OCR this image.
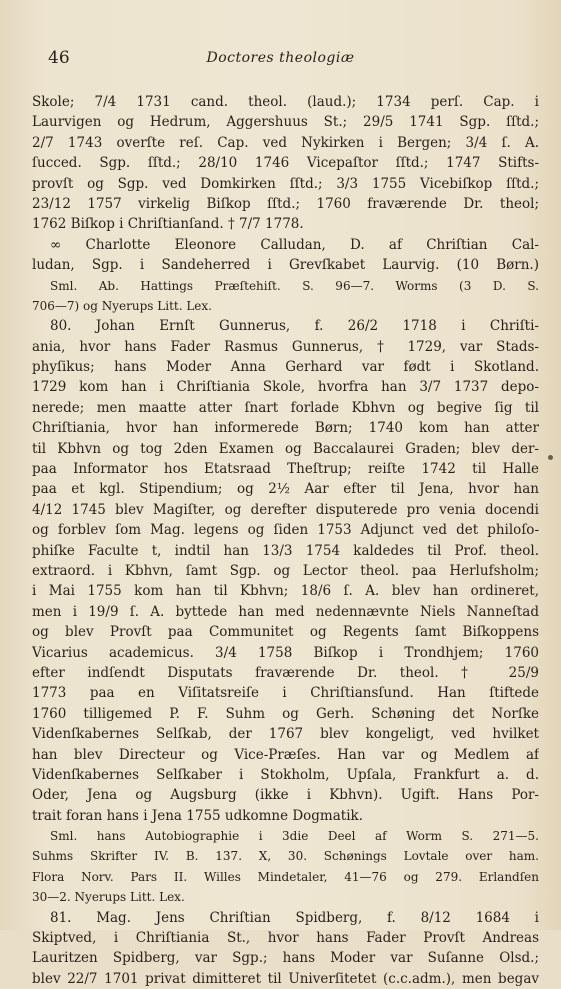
46	Doctores theologiæ
Skole; 7/4 1731 cand. theol. (laud.); 1734 perſ. Cap. i
Laurvigen og Hedrum, Aggershuus St.; 29/5 1741 Sgp. ſſtd.;
2/7 1743 overſte reſ. Cap. ved Nykirken i Bergen; 3/4 ſ. A.
ſucced. Sgp. ſſtd.; 28/10 1746 Vicepaſtor ſſtd.; 1747 Stifts-
provſt og Sgp. ved Domkirken ſſtd.; 3/3 1755 Vicebiſkop ſſtd.;
23/12 1757 virkelig Biſkop ſſtd.; 1760 fraværende Dr. theol;
1762 Biſkop i Chriſtianſand. † 7/7 1778.
∞ Charlotte Eleonore Calludan, D. af Chriſtian Cal-
ludan, Sgp. i Sandeherred i Grevſkabet Laurvig. (10 Børn.)
Sml. Ab. Hattings Præſtehiſt. S. 96—7. Worms (3 D. S.
706—7) og Nyerups Litt. Lex.
80. Johan Ernſt Gunnerus, f. 26/2 1718 i Chriſti-
ania, hvor hans Fader Rasmus Gunnerus, † 1729, var Stads-
phyſikus; hans Moder Anna Gerhard var født i Skotland.
1729 kom han i Chriſtiania Skole, hvorfra han 3/7 1737 depo-
nerede; men maatte atter ſnart forlade Kbhvn og begive ſig til
Chriſtiania, hvor han informerede Børn; 1740 kom han atter
til Kbhvn og tog 2den Examen og Baccalaurei Graden; blev der-
paa Informator hos Etatsraad Theſtrup; reiſte 1742 til Halle
paa et kgl. Stipendium; og 2½ Aar efter til Jena, hvor han
4/12 1745 blev Magiſter, og derefter disputerede pro venia docendi
og forblev ſom Mag. legens og ſiden 1753 Adjunct ved det philoſo-
phiſke Faculte t, indtil han 13/3 1754 kaldedes til Prof. theol.
extraord. i Kbhvn, ſamt Sgp. og Lector theol. paa Herlufsholm;
i Mai 1755 kom han til Kbhvn; 18/6 ſ. A. blev han ordineret,
men i 19/9 ſ. A. byttede han med nedennævnte Niels Nanneſtad
og blev Provſt paa Communitet og Regents ſamt Biſkoppens
Vicarius academicus. 3/4 1758 Biſkop i Trondhjem; 1760
efter indſendt Disputats fraværende Dr. theol. † 25/9
1773 paa en Viſitatsreiſe i Chriſtiansſund. Han ſtiftede
1760 tilligemed P. F. Suhm og Gerh. Schøning det Norſke
Videnſkabernes Selſkab, der 1767 blev kongeligt, ved hvilket
han blev Directeur og Vice-Præſes. Han var og Medlem af
Videnſkabernes Selſkaber i Stokholm, Upſala, Frankfurt a. d.
Oder, Jena og Augsburg (ikke i Kbhvn). Ugift. Hans Por-
trait foran hans i Jena 1755 udkomne Dogmatik.
Sml. hans Autobiographie i 3die Deel af Worm S. 271—5.
Suhms Skrifter IV. B. 137. X, 30. Schønings Lovtale over ham.
Flora Norv. Pars II. Willes Mindetaler, 41—76 og 279. Erlandſen
30—2. Nyerups Litt. Lex.
81. Mag. Jens Chriſtian Spidberg, f. 8/12 1684 i
Skiptved, i Chriſtiania St., hvor hans Fader Provſt Andreas
Lauritzen Spidberg, var Sgp.; hans Moder var Suſanne Olsd.;
blev 22/7 1701 privat dimitteret til Univerſitetet (c.c.adm.), men begav
